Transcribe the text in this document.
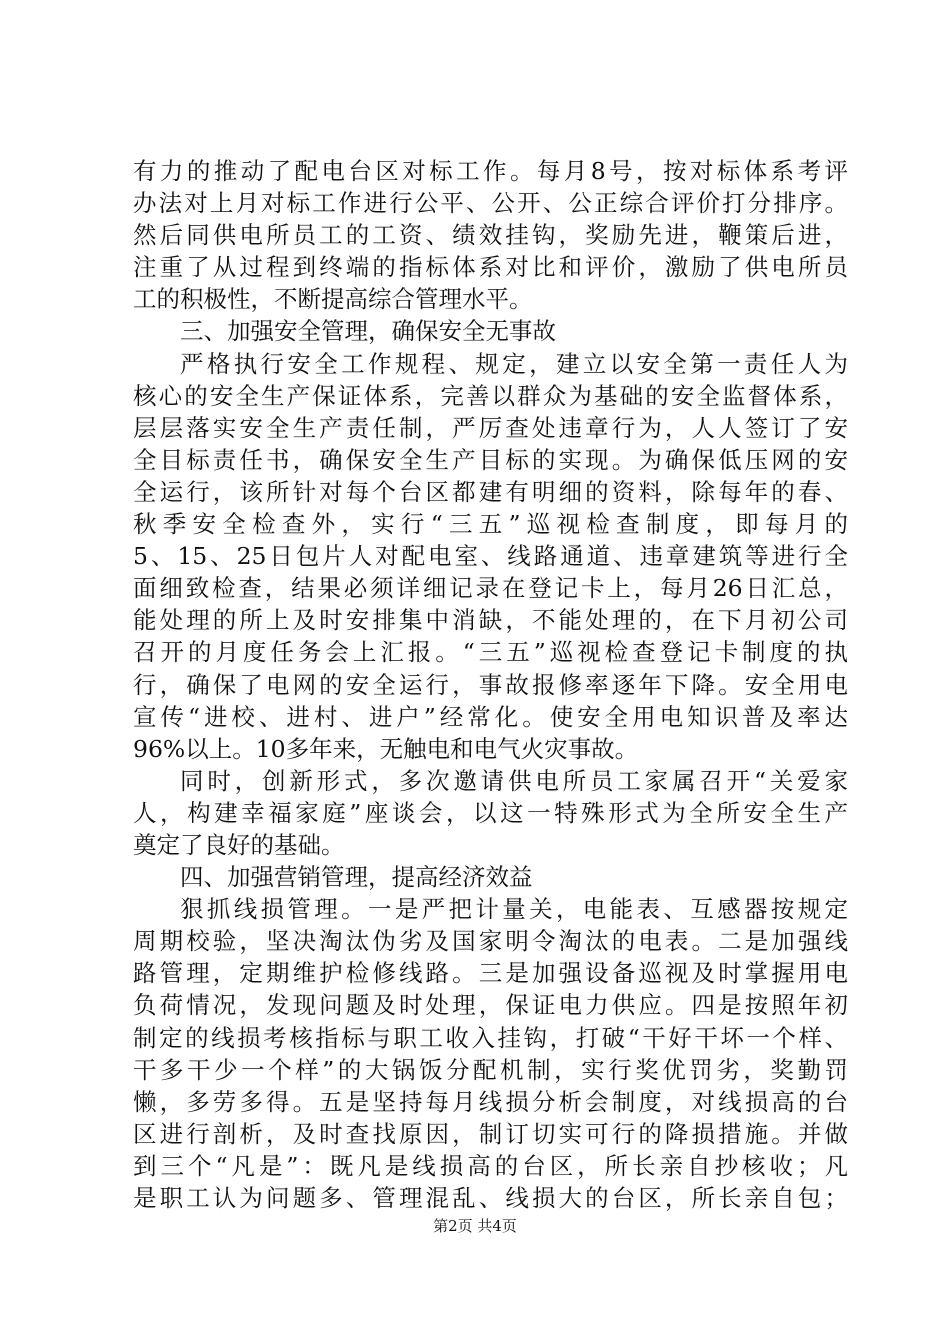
有力的推动了配电台区对标工作。每月8号，按对标体系考评
办法对上月对标工作进行公平、公开、公正综合评价打分排序。
然后同供电所员工的工资、绩效挂钩，奖励先进，鞭策后进，
注重了从过程到终端的指标体系对比和评价，激励了供电所员
工的积极性，不断提高综合管理水平。
三、加强安全管理，确保安全无事故
严格执行安全工作规程、规定，建立以安全第一责任人为
核心的安全生产保证体系，完善以群众为基础的安全监督体系，
层层落实安全生产责任制，严厉查处违章行为，人人签订了安
全目标责任书，确保安全生产目标的实现。为确保低压网的安
全运行，该所针对每个台区都建有明细的资料，除每年的春、
秋季安全检查外，实行“三五”巡视检查制度，即每月的
5、15、25日包片人对配电室、线路通道、违章建筑等进行全
面细致检查，结果必须详细记录在登记卡上，每月26日汇总，
能处理的所上及时安排集中消缺，不能处理的，在下月初公司
召开的月度任务会上汇报。“三五”巡视检查登记卡制度的执
行，确保了电网的安全运行，事故报修率逐年下降。安全用电
宣传“进校、进村、进户”经常化。使安全用电知识普及率达
96%以上。10多年来，无触电和电气火灾事故。
同时，创新形式，多次邀请供电所员工家属召开“关爱家
人，构建幸福家庭”座谈会，以这一特殊形式为全所安全生产
奠定了良好的基础。
四、加强营销管理，提高经济效益
狠抓线损管理。一是严把计量关，电能表、互感器按规定
周期校验，坚决淘汰伪劣及国家明令淘汰的电表。二是加强线
路管理，定期维护检修线路。三是加强设备巡视及时掌握用电
负荷情况，发现问题及时处理，保证电力供应。四是按照年初
制定的线损考核指标与职工收入挂钩，打破“干好干坏一个样、
干多干少一个样”的大锅饭分配机制，实行奖优罚劣，奖勤罚
懒，多劳多得。五是坚持每月线损分析会制度，对线损高的台
区进行剖析，及时查找原因，制订切实可行的降损措施。并做
到三个“凡是”：既凡是线损高的台区，所长亲自抄核收；凡
是职工认为问题多、管理混乱、线损大的台区，所长亲自包；
第2页 共4页
